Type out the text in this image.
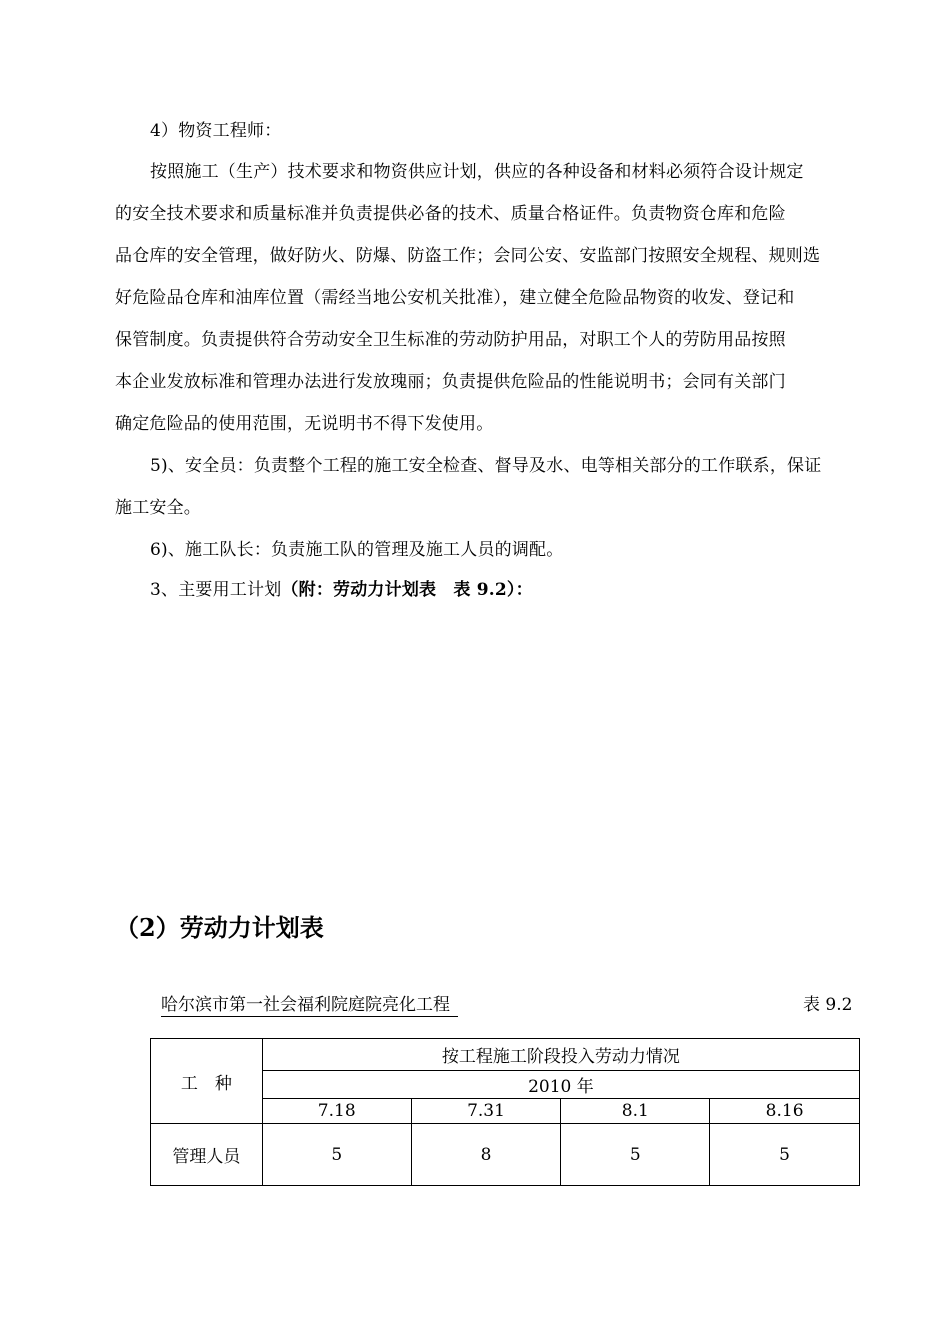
4）物资工程师：
按照施工（生产）技术要求和物资供应计划，供应的各种设备和材料必须符合设计规定
的安全技术要求和质量标准并负责提供必备的技术、质量合格证件。负责物资仓库和危险
品仓库的安全管理，做好防火、防爆、防盗工作；会同公安、安监部门按照安全规程、规则选
好危险品仓库和油库位置（需经当地公安机关批准），建立健全危险品物资的收发、登记和
保管制度。负责提供符合劳动安全卫生标准的劳动防护用品，对职工个人的劳防用品按照
本企业发放标准和管理办法进行发放瑰丽；负责提供危险品的性能说明书；会同有关部门
确定危险品的使用范围，无说明书不得下发使用。
5)、安全员：负责整个工程的施工安全检查、督导及水、电等相关部分的工作联系，保证
施工安全。
6)、施工队长：负责施工队的管理及施工人员的调配。
3、主要用工计划（附：劳动力计划表　表 9.2）：
（2）劳动力计划表
哈尔滨市第一社会福利院庭院亮化工程	表 9.2
工　种	按工程施工阶段投入劳动力情况			
	2010 年			
	7.18	7.31	8.1	8.16
管理人员	5	8	5	5
